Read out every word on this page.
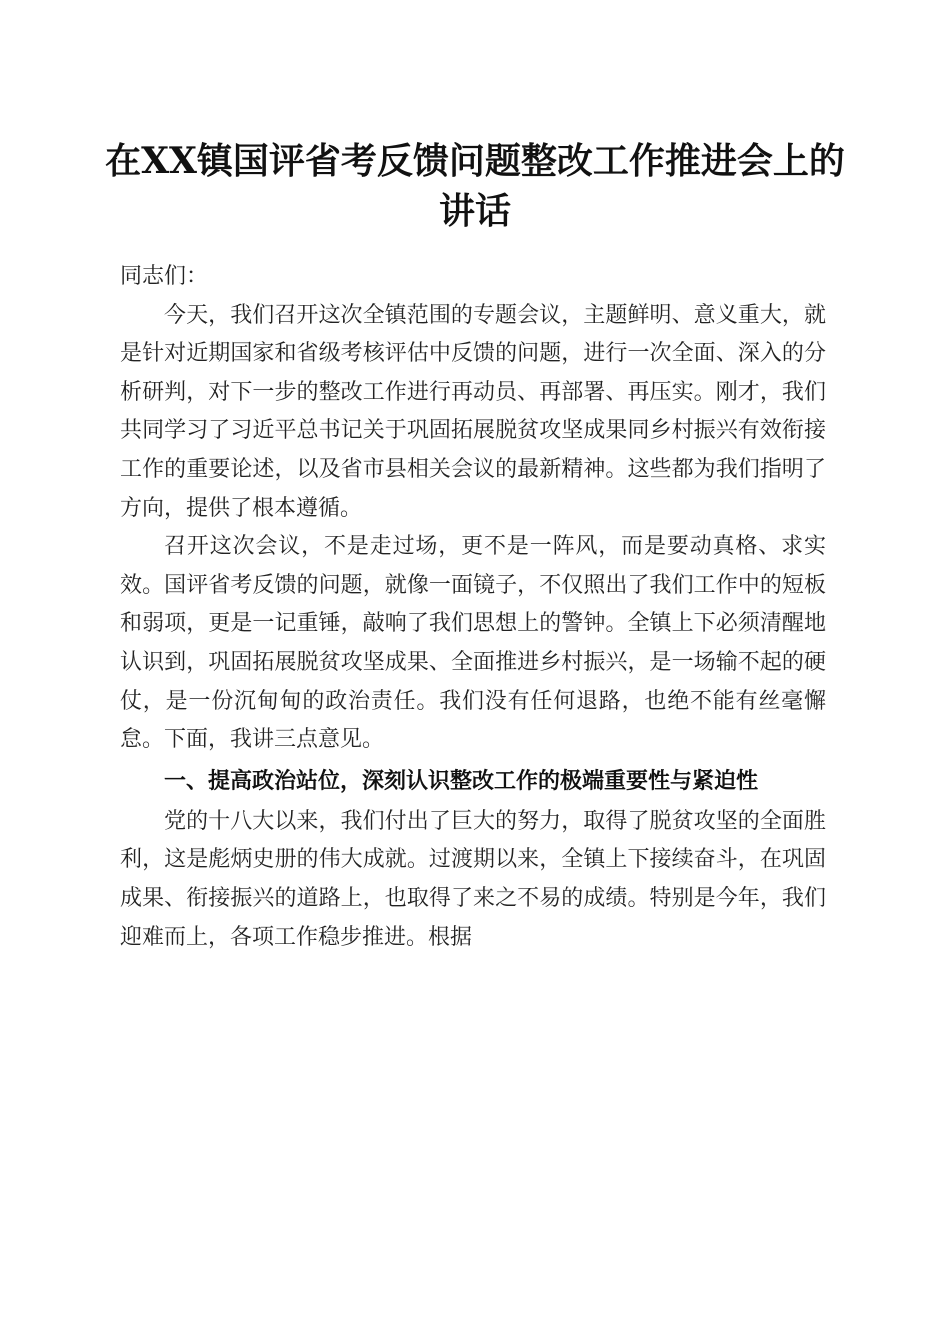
在XX镇国评省考反馈问题整改工作推进会上的讲话

同志们：

今天，我们召开这次全镇范围的专题会议，主题鲜明、意义重大，就是针对近期国家和省级考核评估中反馈的问题，进行一次全面、深入的分析研判，对下一步的整改工作进行再动员、再部署、再压实。刚才，我们共同学习了习近平总书记关于巩固拓展脱贫攻坚成果同乡村振兴有效衔接工作的重要论述，以及省市县相关会议的最新精神。这些都为我们指明了方向，提供了根本遵循。

召开这次会议，不是走过场，更不是一阵风，而是要动真格、求实效。国评省考反馈的问题，就像一面镜子，不仅照出了我们工作中的短板和弱项，更是一记重锤，敲响了我们思想上的警钟。全镇上下必须清醒地认识到，巩固拓展脱贫攻坚成果、全面推进乡村振兴，是一场输不起的硬仗，是一份沉甸甸的政治责任。我们没有任何退路，也绝不能有丝毫懈怠。下面，我讲三点意见。

一、提高政治站位，深刻认识整改工作的极端重要性与紧迫性

党的十八大以来，我们付出了巨大的努力，取得了脱贫攻坚的全面胜利，这是彪炳史册的伟大成就。过渡期以来，全镇上下接续奋斗，在巩固成果、衔接振兴的道路上，也取得了来之不易的成绩。特别是今年，我们迎难而上，各项工作稳步推进。根据
